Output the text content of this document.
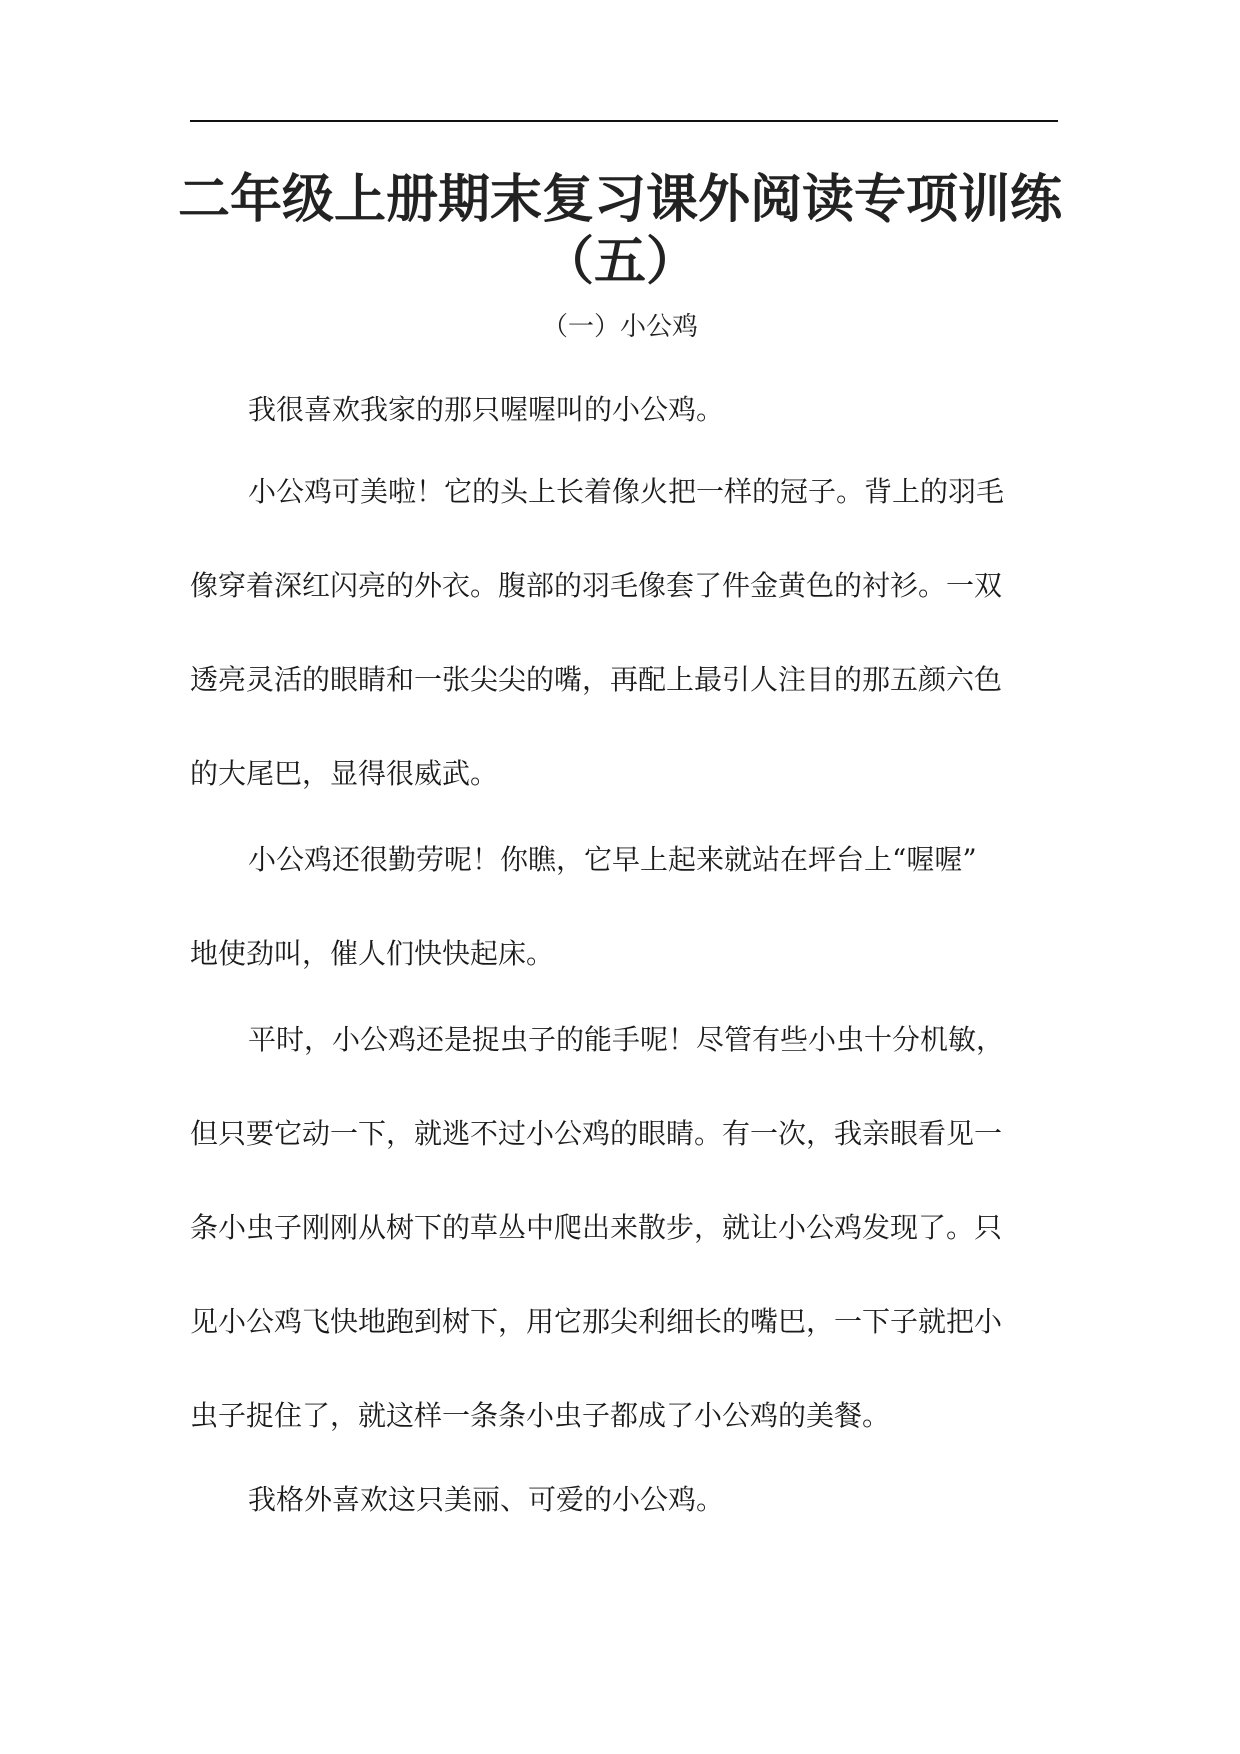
二年级上册期末复习课外阅读专项训练
（五）

（一）小公鸡

我很喜欢我家的那只喔喔叫的小公鸡。

小公鸡可美啦！它的头上长着像火把一样的冠子。背上的羽毛

像穿着深红闪亮的外衣。腹部的羽毛像套了件金黄色的衬衫。一双

透亮灵活的眼睛和一张尖尖的嘴，再配上最引人注目的那五颜六色

的大尾巴，显得很威武。

小公鸡还很勤劳呢！你瞧，它早上起来就站在坪台上“喔喔”

地使劲叫，催人们快快起床。

平时，小公鸡还是捉虫子的能手呢！尽管有些小虫十分机敏，

但只要它动一下，就逃不过小公鸡的眼睛。有一次，我亲眼看见一

条小虫子刚刚从树下的草丛中爬出来散步，就让小公鸡发现了。只

见小公鸡飞快地跑到树下，用它那尖利细长的嘴巴，一下子就把小

虫子捉住了，就这样一条条小虫子都成了小公鸡的美餐。

我格外喜欢这只美丽、可爱的小公鸡。
